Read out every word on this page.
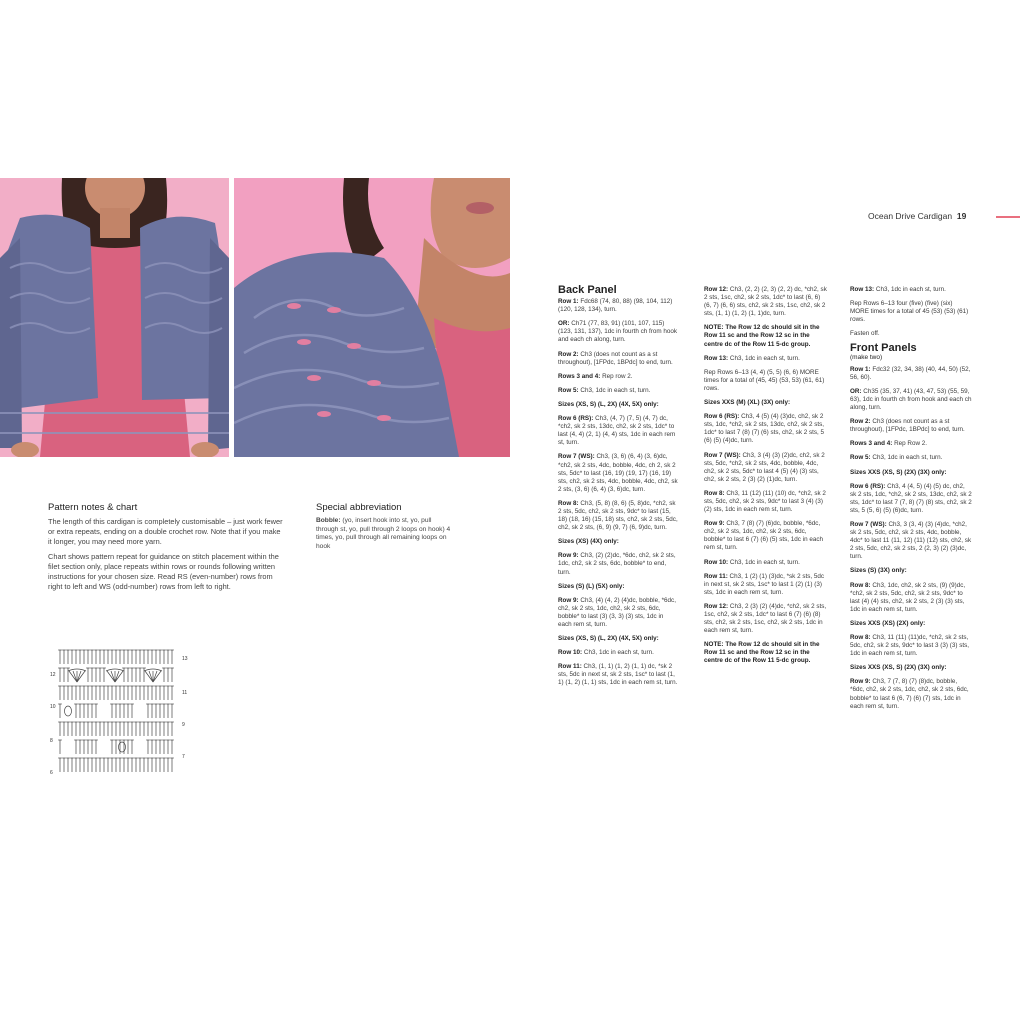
Ocean Drive Cardigan 19
Pattern notes & chart

The length of this cardigan is completely customisable – just work fewer or extra repeats, ending on a double crochet row. Note that if you make it longer, you may need more yarn.

Chart shows pattern repeat for guidance on stitch placement within the filet section only, place repeats within rows or rounds following written instructions for your chosen size. Read RS (even-number) rows from right to left and WS (odd-number) rows from left to right.

Special abbreviation
Bobble: (yo, insert hook into st, yo, pull through st, yo, pull through 2 loops on hook) 4 times, yo, pull through all remaining loops on hook
13
12
11
10
9
8
7
6
Back Panel

Row 1: Fdc68 (74, 80, 88) (98, 104, 112) (120, 128, 134), turn.

OR: Ch71 (77, 83, 91) (101, 107, 115) (123, 131, 137), 1dc in fourth ch from hook and each ch along, turn.

Row 2: Ch3 (does not count as a st throughout), [1FPdc, 1BPdc] to end, turn.

Rows 3 and 4: Rep row 2.

Row 5: Ch3, 1dc in each st, turn.

Sizes (XS, S) (L, 2X) (4X, 5X) only:

Row 6 (RS): Ch3, (4, 7) (7, 5) (4, 7) dc, *ch2, sk 2 sts, 13dc, ch2, sk 2 sts, 1dc* to last (4, 4) (2, 1) (4, 4) sts, 1dc in each rem st, turn.

Row 7 (WS): Ch3, (3, 6) (6, 4) (3, 6)dc, *ch2, sk 2 sts, 4dc, bobble, 4dc, ch 2, sk 2 sts, 5dc* to last (16, 19) (19, 17) (16, 19) sts, ch2, sk 2 sts, 4dc, bobble, 4dc, ch2, sk 2 sts, (3, 6) (6, 4) (3, 6)dc, turn.

Row 8: Ch3, (5, 8) (8, 6) (5, 8)dc, *ch2, sk 2 sts, 5dc, ch2, sk 2 sts, 9dc* to last (15, 18) (18, 16) (15, 18) sts, ch2, sk 2 sts, 5dc, ch2, sk 2 sts, (6, 9) (9, 7) (6, 9)dc, turn.

Sizes (XS) (4X) only:

Row 9: Ch3, (2) (2)dc, *6dc, ch2, sk 2 sts, 1dc, ch2, sk 2 sts, 6dc, bobble* to end, turn.

Sizes (S) (L) (5X) only:

Row 9: Ch3, (4) (4, 2) (4)dc, bobble, *6dc, ch2, sk 2 sts, 1dc, ch2, sk 2 sts, 6dc, bobble* to last (3) (3, 3) (3) sts, 1dc in each rem st, turn.

Sizes (XS, S) (L, 2X) (4X, 5X) only:

Row 10: Ch3, 1dc in each st, turn.

Row 11: Ch3, (1, 1) (1, 2) (1, 1) dc, *sk 2 sts, 5dc in next st, sk 2 sts, 1sc* to last (1, 1) (1, 2) (1, 1) sts, 1dc in each rem st, turn.

Row 12: Ch3, (2, 2) (2, 3) (2, 2) dc, *ch2, sk 2 sts, 1sc, ch2, sk 2 sts, 1dc* to last (6, 6) (6, 7) (6, 6) sts, ch2, sk 2 sts, 1sc, ch2, sk 2 sts, (1, 1) (1, 2) (1, 1)dc, turn.

NOTE: The Row 12 dc should sit in the Row 11 sc and the Row 12 sc in the centre dc of the Row 11 5-dc group.

Row 13: Ch3, 1dc in each st, turn.

Rep Rows 6–13 (4, 4) (5, 5) (6, 6) MORE times for a total of (45, 45) (53, 53) (61, 61) rows.

Sizes XXS (M) (XL) (3X) only:

Row 6 (RS): Ch3, 4 (5) (4) (3)dc, ch2, sk 2 sts, 1dc, *ch2, sk 2 sts, 13dc, ch2, sk 2 sts, 1dc* to last 7 (8) (7) (6) sts, ch2, sk 2 sts, 5 (6) (5) (4)dc, turn.

Row 7 (WS): Ch3, 3 (4) (3) (2)dc, ch2, sk 2 sts, 5dc, *ch2, sk 2 sts, 4dc, bobble, 4dc, ch2, sk 2 sts, 5dc* to last 4 (5) (4) (3) sts, ch2, sk 2 sts, 2 (3) (2) (1)dc, turn.

Row 8: Ch3, 11 (12) (11) (10) dc, *ch2, sk 2 sts, 5dc, ch2, sk 2 sts, 9dc* to last 3 (4) (3) (2) sts, 1dc in each rem st, turn.

Row 9: Ch3, 7 (8) (7) (6)dc, bobble, *6dc, ch2, sk 2 sts, 1dc, ch2, sk 2 sts, 6dc, bobble* to last 6 (7) (6) (5) sts, 1dc in each rem st, turn.

Row 10: Ch3, 1dc in each st, turn.

Row 11: Ch3, 1 (2) (1) (3)dc, *sk 2 sts, 5dc in next st, sk 2 sts, 1sc* to last 1 (2) (1) (3) sts, 1dc in each rem st, turn.

Row 12: Ch3, 2 (3) (2) (4)dc, *ch2, sk 2 sts, 1sc, ch2, sk 2 sts, 1dc* to last 6 (7) (6) (8) sts, ch2, sk 2 sts, 1sc, ch2, sk 2 sts, 1dc in each rem st, turn.

NOTE: The Row 12 dc should sit in the Row 11 sc and the Row 12 sc in the centre dc of the Row 11 5-dc group.

Row 13: Ch3, 1dc in each st, turn.

Rep Rows 6–13 four (five) (five) (six) MORE times for a total of 45 (53) (53) (61) rows.

Fasten off.

Front Panels
(make two)

Row 1: Fdc32 (32, 34, 38) (40, 44, 50) (52, 56, 60).

OR: Ch35 (35, 37, 41) (43, 47, 53) (55, 59, 63), 1dc in fourth ch from hook and each ch along, turn.

Row 2: Ch3 (does not count as a st throughout), [1FPdc, 1BPdc] to end, turn.

Rows 3 and 4: Rep Row 2.

Row 5: Ch3, 1dc in each st, turn.

Sizes XXS (XS, S) (2X) (3X) only:

Row 6 (RS): Ch3, 4 (4, 5) (4) (5) dc, ch2, sk 2 sts, 1dc, *ch2, sk 2 sts, 13dc, ch2, sk 2 sts, 1dc* to last 7 (7, 8) (7) (8) sts, ch2, sk 2 sts, 5 (5, 6) (5) (6)dc, turn.

Row 7 (WS): Ch3, 3 (3, 4) (3) (4)dc, *ch2, sk 2 sts, 5dc, ch2, sk 2 sts, 4dc, bobble, 4dc* to last 11 (11, 12) (11) (12) sts, ch2, sk 2 sts, 5dc, ch2, sk 2 sts, 2 (2, 3) (2) (3)dc, turn.

Sizes (S) (3X) only:

Row 8: Ch3, 1dc, ch2, sk 2 sts, (9) (9)dc, *ch2, sk 2 sts, 5dc, ch2, sk 2 sts, 9dc* to last (4) (4) sts, ch2, sk 2 sts, 2 (3) (3) sts, 1dc in each rem st, turn.

Sizes XXS (XS) (2X) only:

Row 8: Ch3, 11 (11) (11)dc, *ch2, sk 2 sts, 5dc, ch2, sk 2 sts, 9dc* to last 3 (3) (3) sts, 1dc in each rem st, turn.

Sizes XXS (XS, S) (2X) (3X) only:

Row 9: Ch3, 7 (7, 8) (7) (8)dc, bobble, *6dc, ch2, sk 2 sts, 1dc, ch2, sk 2 sts, 6dc, bobble* to last 6 (6, 7) (6) (7) sts, 1dc in each rem st, turn.
